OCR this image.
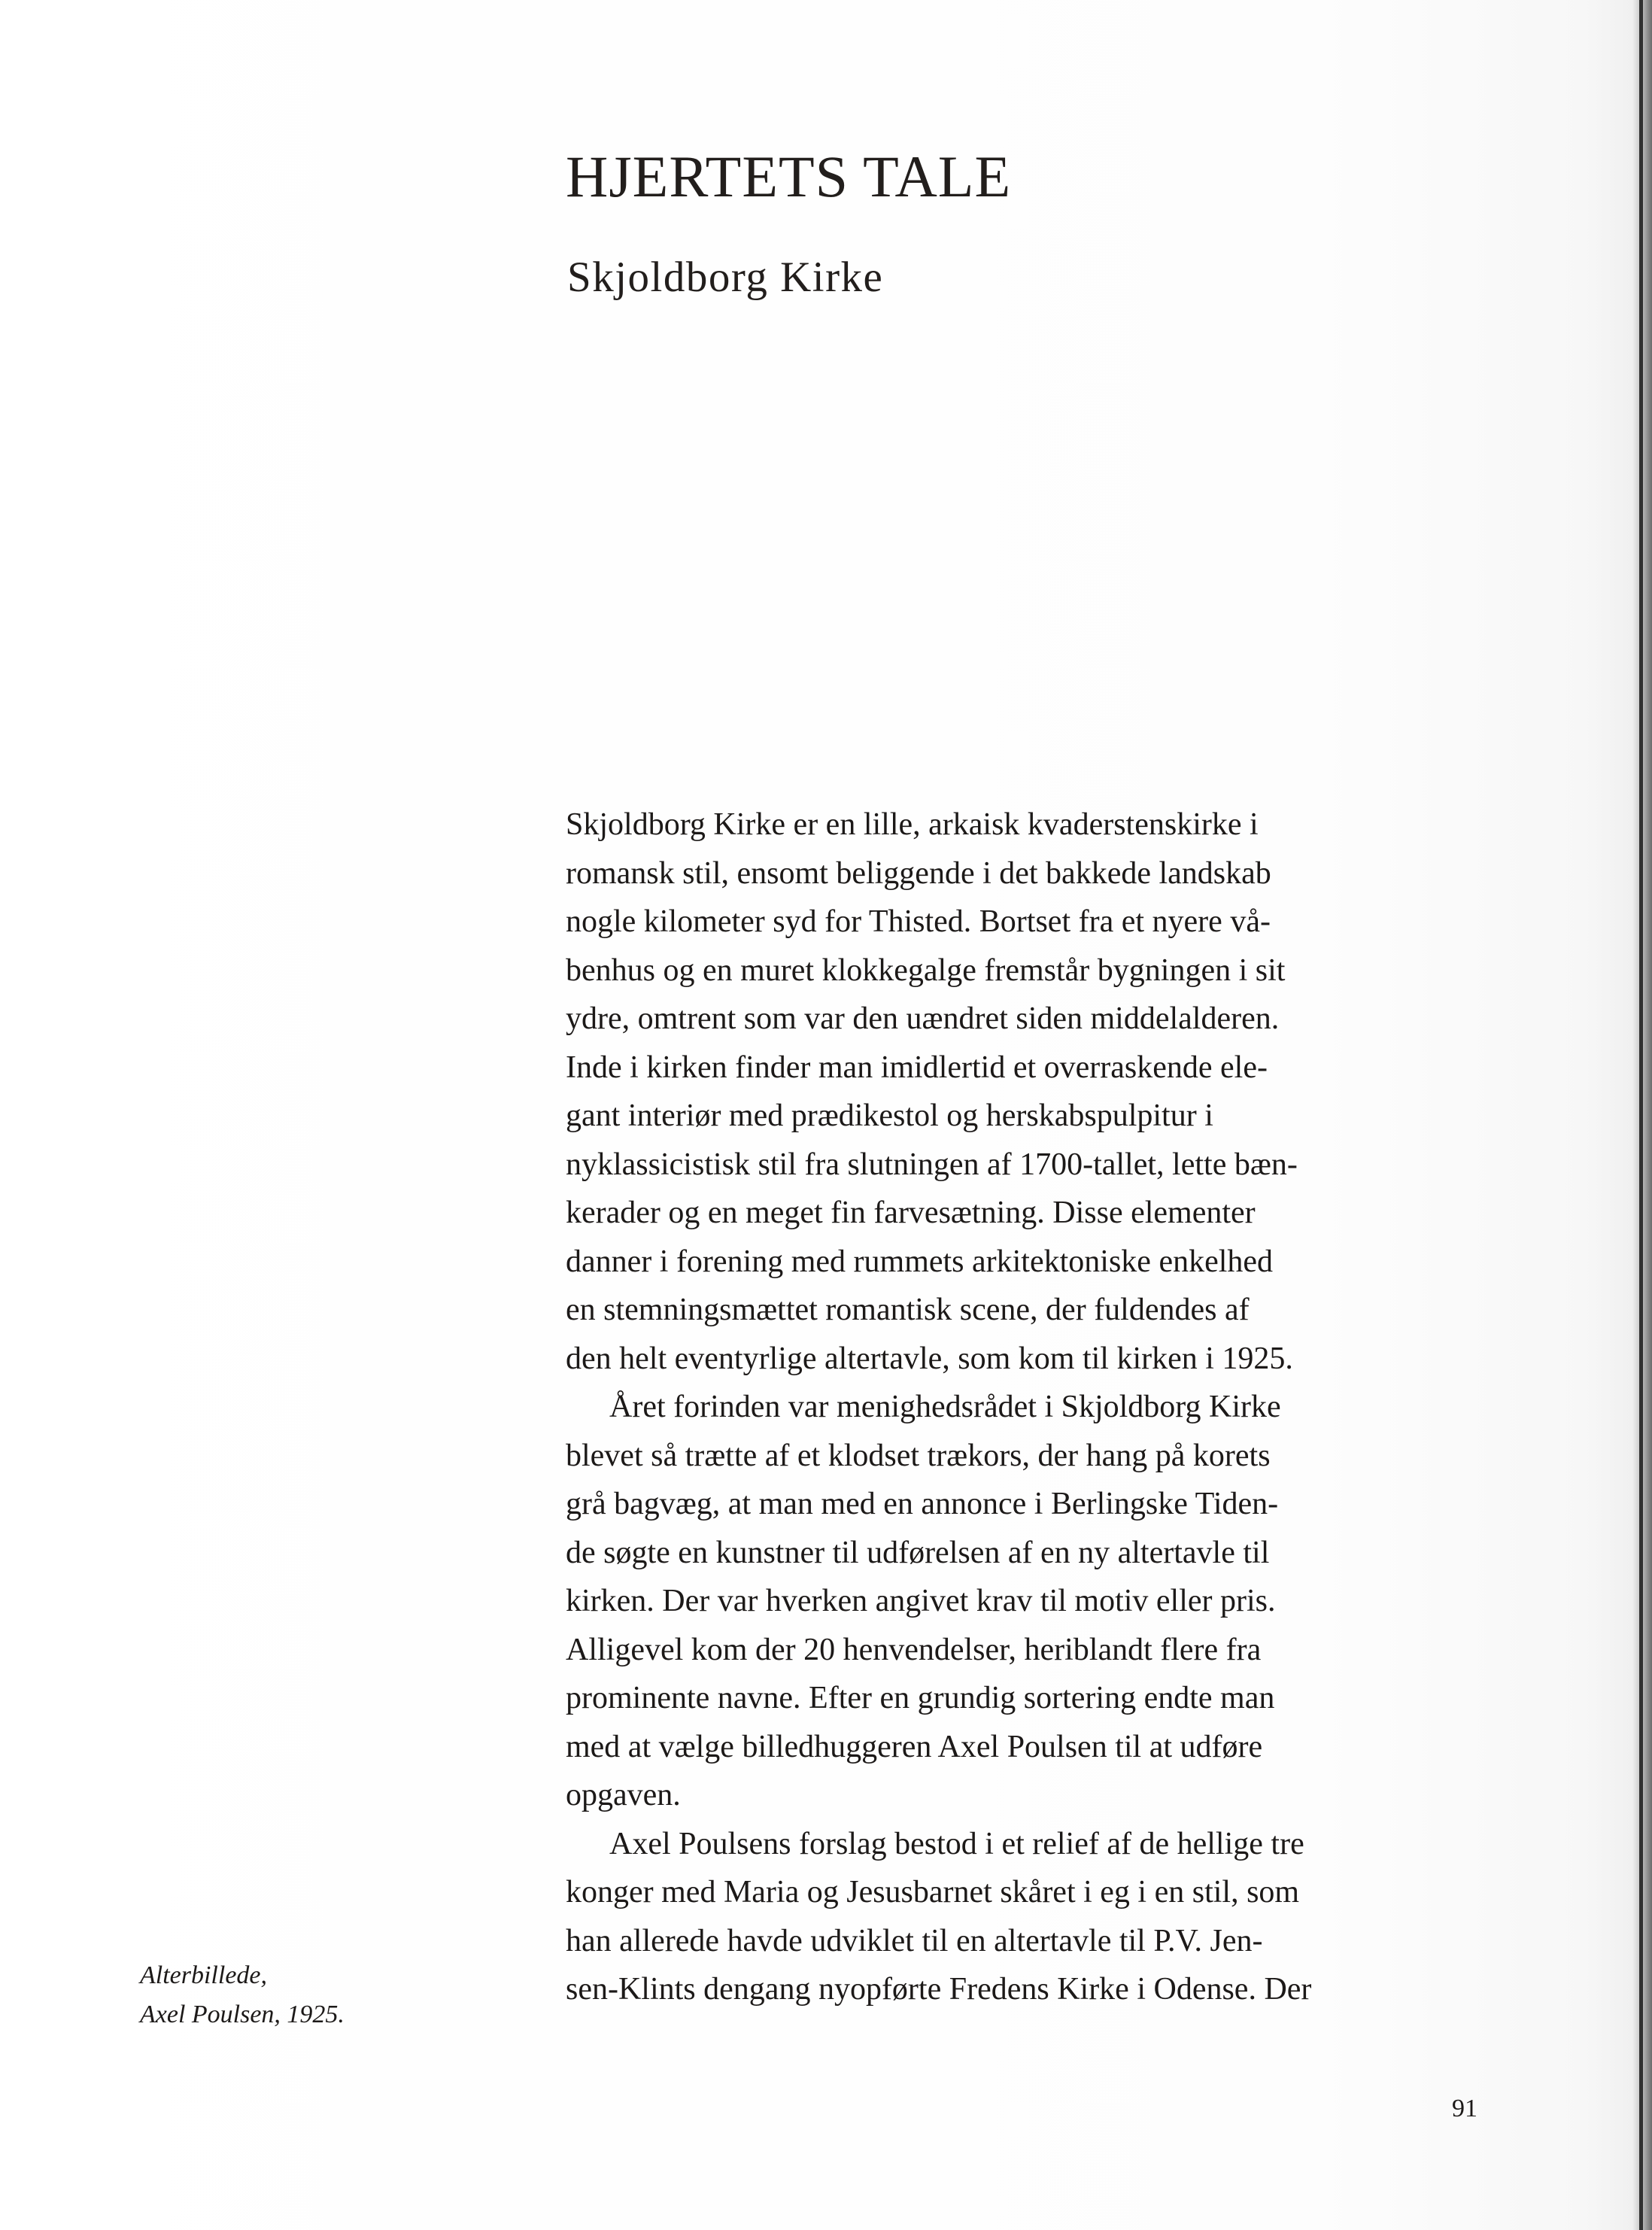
HJERTETS TALE
Skjoldborg Kirke

Skjoldborg Kirke er en lille, arkaisk kvaderstenskirke i
romansk stil, ensomt beliggende i det bakkede landskab
nogle kilometer syd for Thisted. Bortset fra et nyere vå-
benhus og en muret klokkegalge fremstår bygningen i sit
ydre, omtrent som var den uændret siden middelalderen.
Inde i kirken finder man imidlertid et overraskende ele-
gant interiør med prædikestol og herskabspulpitur i
nyklassicistisk stil fra slutningen af 1700-tallet, lette bæn-
kerader og en meget fin farvesætning. Disse elementer
danner i forening med rummets arkitektoniske enkelhed
en stemningsmættet romantisk scene, der fuldendes af
den helt eventyrlige altertavle, som kom til kirken i 1925.

Året forinden var menighedsrådet i Skjoldborg Kirke
blevet så trætte af et klodset trækors, der hang på korets
grå bagvæg, at man med en annonce i Berlingske Tiden-
de søgte en kunstner til udførelsen af en ny altertavle til
kirken. Der var hverken angivet krav til motiv eller pris.
Alligevel kom der 20 henvendelser, heriblandt flere fra
prominente navne. Efter en grundig sortering endte man
med at vælge billedhuggeren Axel Poulsen til at udføre
opgaven.

Axel Poulsens forslag bestod i et relief af de hellige tre
konger med Maria og Jesusbarnet skåret i eg i en stil, som
han allerede havde udviklet til en altertavle til P.V. Jen-
sen-Klints dengang nyopførte Fredens Kirke i Odense. Der

Alterbillede,
Axel Poulsen, 1925.
91
